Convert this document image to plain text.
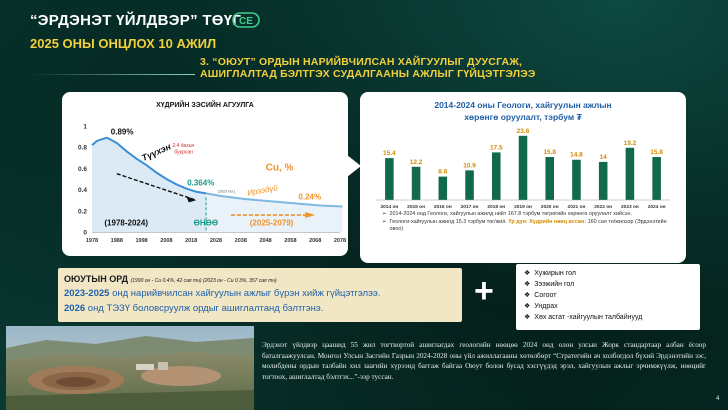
“ЭРДЭНЭТ ҮЙЛДВЭР” ТӨҮГ
CE
2025 ОНЫ ОНЦЛОХ 10 АЖИЛ
3. “ОЮУТ” ОРДЫН НАРИЙВЧИЛСАН ХАЙГУУЛЫГ ДУУСГАЖ,
АШИГЛАЛТАД БЭЛТГЭХ СУДАЛГААНЫ АЖЛЫГ ГҮЙЦЭТГЭЛЭЭ
ХҮДРИЙН ЗЭСИЙН АГУУЛГА
0
0.2
0.4
0.6
0.8
1
1978 1988 1998 2008 2018 2028 2038 2048 2058 2068 2078
0.89%
2.4 дахин
буурсан
Түүхэн
0.364%
(2023 тех.)
Cu, %
Ирээдүй 0.24%
(1978-2024)	ӨНӨӨ	(2025-2079)
2014-2024 оны Геологи, хайгуулын ажлын
хөрөнгө оруулалт, тэрбум ₮
15.4
2014 он
12.2
2015 он
8.6
2016 он
10.9
2017 он
17.5
2018 он
23.6
2019 он
15.8
2020 он
14.8
2021 он
14
2022 он
19.2
2023 он
15.8
2024 он
➢ 2014-2024 онд Геологи, хайгуулын ажилд нийт 167.8 тэрбум төгрөгийн хөрөнгө оруулалт хийсэн.
➢ Геологи-хайгуулын ажилд 15.3 тэрбум төг/жил. Үр дүн: Хүдрийн нөөц өссөн: 160 сая тн/жилээр (Эрдэнэтийн овоо)
ОЮУТЫН ОРД (1990 он - Cu 0.4%, 42 сая тн) (2023 он - Cu 0.3%, 357 сая тн)
2023-2025 онд нарийвчилсан хайгуулын ажлыг бүрэн хийж гүйцэтгэлээ.
2026 онд ТЭЗҮ боловсруулж ордыг ашиглалтанд бэлтгэнэ.	+	❖ Хужирын гол
❖ Зээжийн гол
❖ Согоот
❖ Ундрах
❖ Хөх асгат -хайгуулын талбайнууд
Эрдэнэт үйлдвэр цаашид 55 жил тогтвортой ашиглагдах геологийн нөөцөө 2024 онд олон улсын Жорк стандартаар албан ёсоор баталгаажуулсан. Монгол Улсын Засгийн Газрын 2024-2028 оны үйл ажиллагааны хөтөлбөрт “Стратегийн ач холбогдол бүхий Эрдэнэтийн зэс, молибдены ордын талбайн хил заагийн хүрээнд баггаж байгаа Оюут болон бусад хэсгүүдэд эрэл, хайгуулын ажлыг эрчимжүүлж, нөөцийг тогтоох, ашиглалтад бэлтгэх...”-ээр туссан.
4
